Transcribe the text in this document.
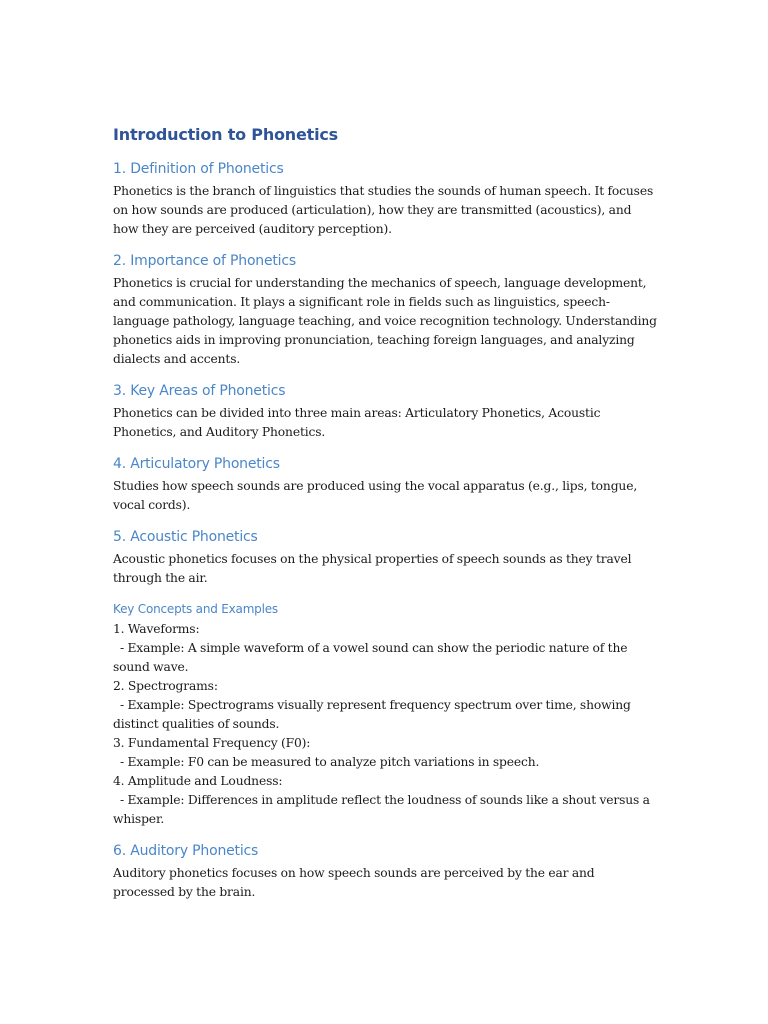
Introduction to Phonetics
1. Definition of Phonetics
Phonetics is the branch of linguistics that studies the sounds of human speech. It focuses on how sounds are produced (articulation), how they are transmitted (acoustics), and how they are perceived (auditory perception).
2. Importance of Phonetics
Phonetics is crucial for understanding the mechanics of speech, language development, and communication. It plays a significant role in fields such as linguistics, speech-language pathology, language teaching, and voice recognition technology. Understanding phonetics aids in improving pronunciation, teaching foreign languages, and analyzing dialects and accents.
3. Key Areas of Phonetics
Phonetics can be divided into three main areas: Articulatory Phonetics, Acoustic Phonetics, and Auditory Phonetics.
4. Articulatory Phonetics
Studies how speech sounds are produced using the vocal apparatus (e.g., lips, tongue, vocal cords).
5. Acoustic Phonetics
Acoustic phonetics focuses on the physical properties of speech sounds as they travel through the air.
Key Concepts and Examples
1. Waveforms:
- Example: A simple waveform of a vowel sound can show the periodic nature of the sound wave.
2. Spectrograms:
- Example: Spectrograms visually represent frequency spectrum over time, showing distinct qualities of sounds.
3. Fundamental Frequency (F0):
- Example: F0 can be measured to analyze pitch variations in speech.
4. Amplitude and Loudness:
- Example: Differences in amplitude reflect the loudness of sounds like a shout versus a whisper.
6. Auditory Phonetics
Auditory phonetics focuses on how speech sounds are perceived by the ear and processed by the brain.
